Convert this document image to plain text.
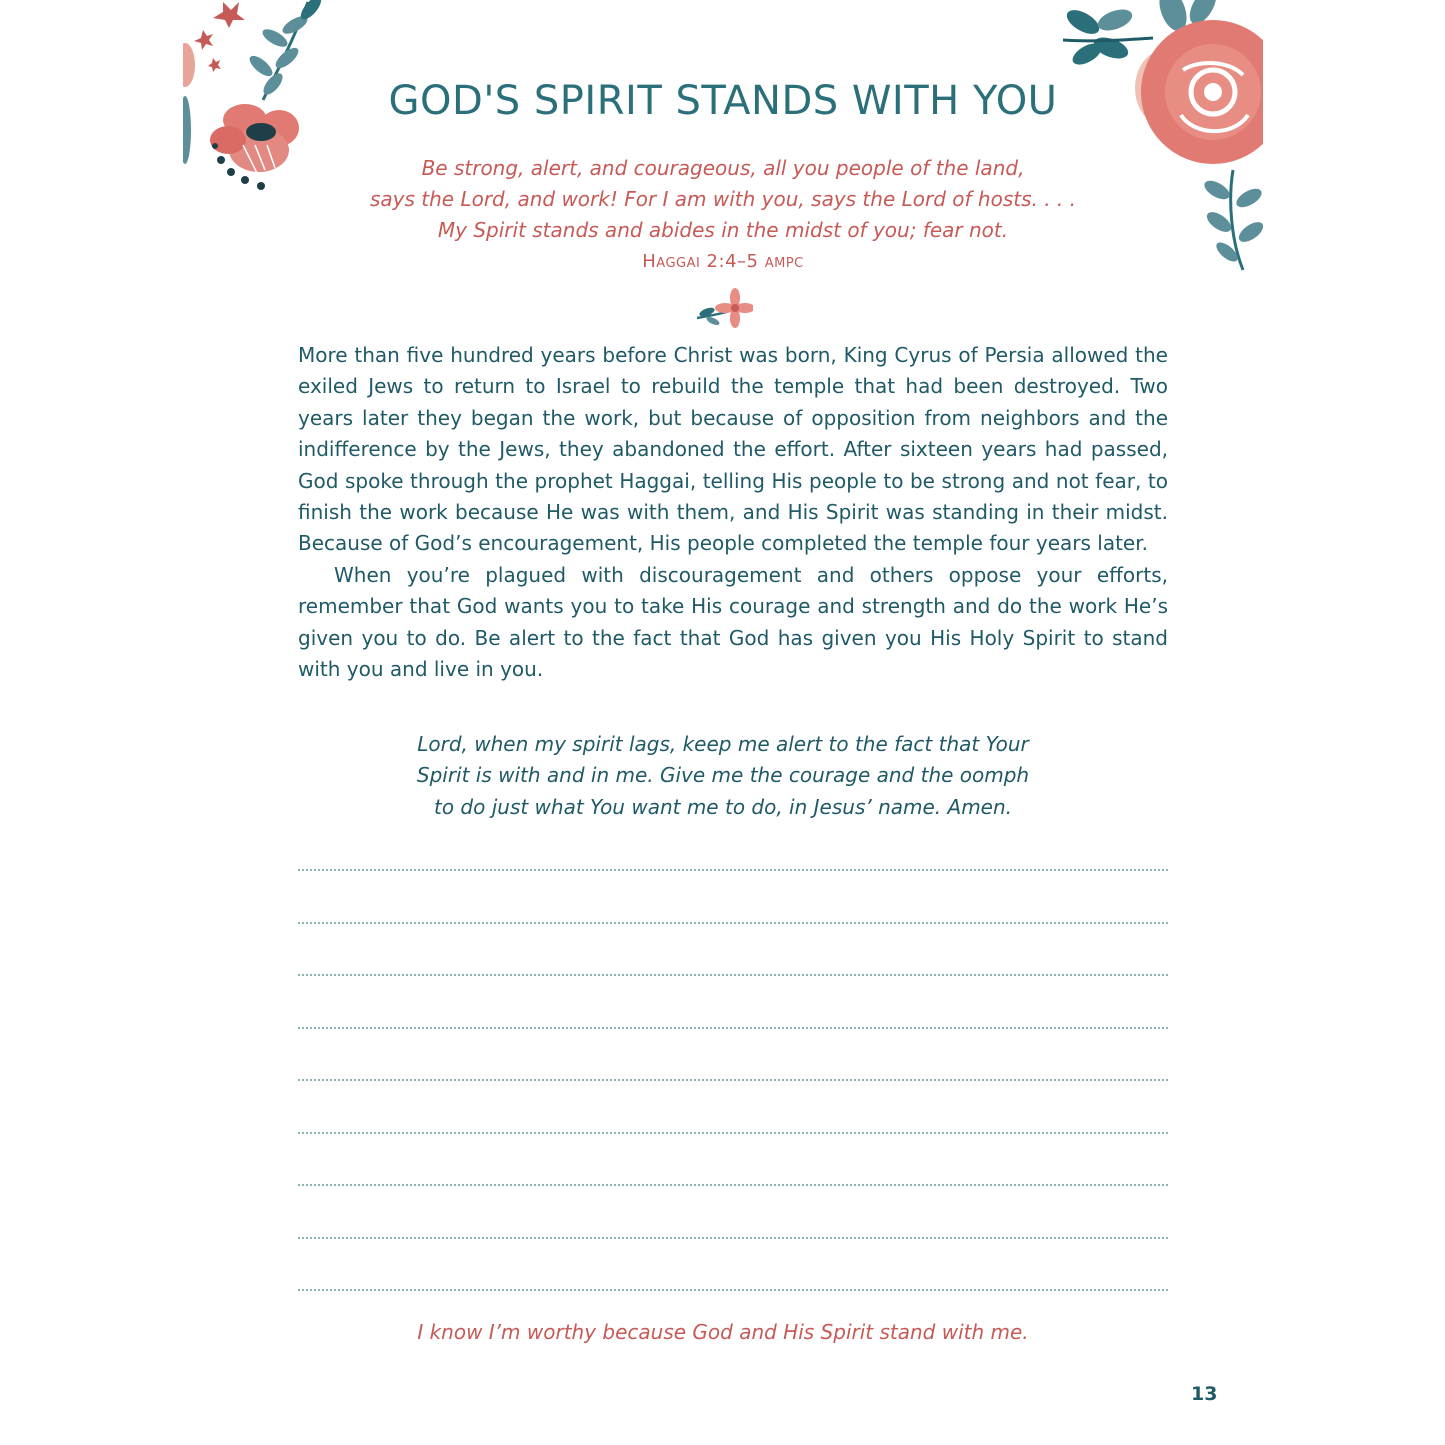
GOD'S SPIRIT STANDS WITH YOU
Be strong, alert, and courageous, all you people of the land,
says the Lord, and work! For I am with you, says the Lord of hosts. . . .
My Spirit stands and abides in the midst of you; fear not.
Haggai 2:4–5 AMPC

More than five hundred years before Christ was born, King Cyrus of Persia allowed the exiled Jews to return to Israel to rebuild the temple that had been destroyed. Two years later they began the work, but because of opposition from neighbors and the indifference by the Jews, they abandoned the effort. After sixteen years had passed, God spoke through the prophet Haggai, telling His people to be strong and not fear, to finish the work because He was with them, and His Spirit was standing in their midst. Because of God’s encouragement, His people completed the temple four years later.

When you’re plagued with discouragement and others oppose your efforts, remember that God wants you to take His courage and strength and do the work He’s given you to do. Be alert to the fact that God has given you His Holy Spirit to stand with you and live in you.

Lord, when my spirit lags, keep me alert to the fact that Your
Spirit is with and in me. Give me the courage and the oomph
to do just what You want me to do, in Jesus’ name. Amen.
I know I’m worthy because God and His Spirit stand with me.
13
